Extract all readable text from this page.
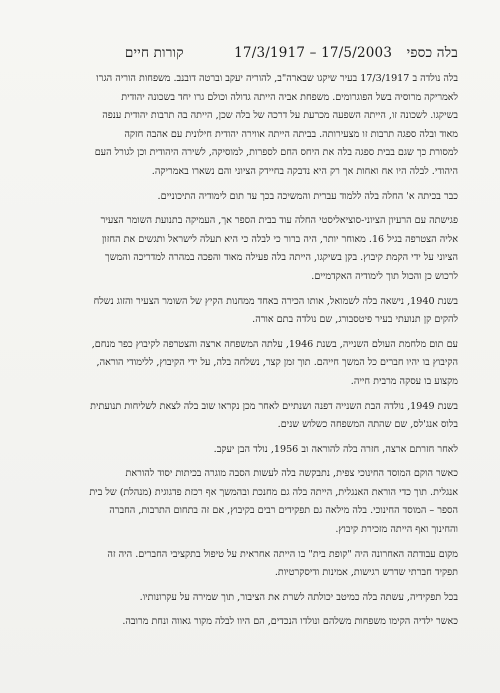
בלה כספי 17/3/1917 – 17/5/2003 קורות חיים
בלה נולדה ב 17/3/1917 בעיר שיקגו שבארה"ב, להוריה יעקב וברטה דובנב. משפחות הוריה הגרו
לאמריקה מרוסיה בשל הפוגרומים. משפחת אביה הייתה גדולה וכולם גרו יחד בשכונה יהודית
בשיקגו. לשכונה זו, הייתה השפעה מכרעת על דרכה של בלה שכן, הייתה בה תרבות יהודית ענפה
מאוד ובלה ספגה תרבות זו מצעירותה. בביתה הייתה אווירה יהודית חילונית עם אהבה חזקה
למסורת כך שגם בבית ספגה בלה את היחס החם לספרות, למוסיקה, לשירה היהודית וכן לגורל העם
היהודי. לבלה היו אח ואחות אך רק היא נדבקה בחיידק הציוני והם נשארו באמריקה.
כבר בכיתה א' החלה בלה ללמוד עברית והמשיכה בכך עד תום לימודיה התיכוניים.
פגישתה עם הרעיון הציוני-סוציאליסטי החלה עוד בבית הספר אך, העמיקה בתנועת השומר הצעיר
אליה הצטרפה בגיל 16. מאוחר יותר, היה ברור כי לבלה כי היא תעלה לישראל ותגשים את החזון
הציוני על ידי הקמת קיבוץ. בקן בשיקגו, הייתה בלה פעילה מאוד והפכה במהרה למדריכה והמשך
לרכוש כן והכול תוך לימודיה האקדמיים.
בשנת 1940, נישאה בלה לשמואל, אותו הכירה באחד ממחנות הקיץ של השומר הצעיר והזוג נשלח
להקים קן תנועתי בעיר פיטסבורג, שם נולדה בתם אורה.
עם תום מלחמת העולם השנייה, בשנת 1946, עלתה המשפחה ארצה והצטרפה לקיבוץ כפר מנחם,
הקיבוץ בו יהיו חברים כל המשך חייהם. תוך זמן קצר, נשלחה בלה, על ידי הקיבוץ, ללימודי הוראה,
מקצוע בו עסקה מרבית חייה.
בשנת 1949, נולדה הבת השנייה דפנה ושנתיים לאחר מכן נקראו שוב בלה לצאת לשליחות תנועתית
בלוס אנג'לס, שם שהתה המשפחה כשלוש שנים.
לאחר חזרתם ארצה, חזרה בלה להוראה וב 1956, נולד הבן יעקב.
כאשר הוקם המוסד החינוכי צפית, נתבקשה בלה לעשות הסבה מוגרה בכיתות יסוד להוראת
אנגלית. תוך כדי הוראת האנגלית, הייתה בלה גם מחנכת ובהמשך אף רכזת פדגוגית (מנהלת) של בית
הספר – המוסד החינוכי. בלה מילאה גם תפקידים רבים בקיבוץ, אם זה בתחום התרבות, החברה
והחינוך ואף הייתה מזכירת קיבוץ.
מקום עבודתה האחרונה היה "קופת בית" בו הייתה אחראית על טיפול בתקציבי החברים. היה זה
תפקיד חברתי שדרש רגישות, אמינות ודיסקרטיות.
בכל תפקידיה, עשתה בלה כמיטב יכולתה לשרת את הציבור, תוך שמירה על עקרונותיו.
כאשר ילדיה הקימו משפחות משלהם ונולדו הנכדים, הם היוו לבלה מקור גאווה ונחת מרובה.
